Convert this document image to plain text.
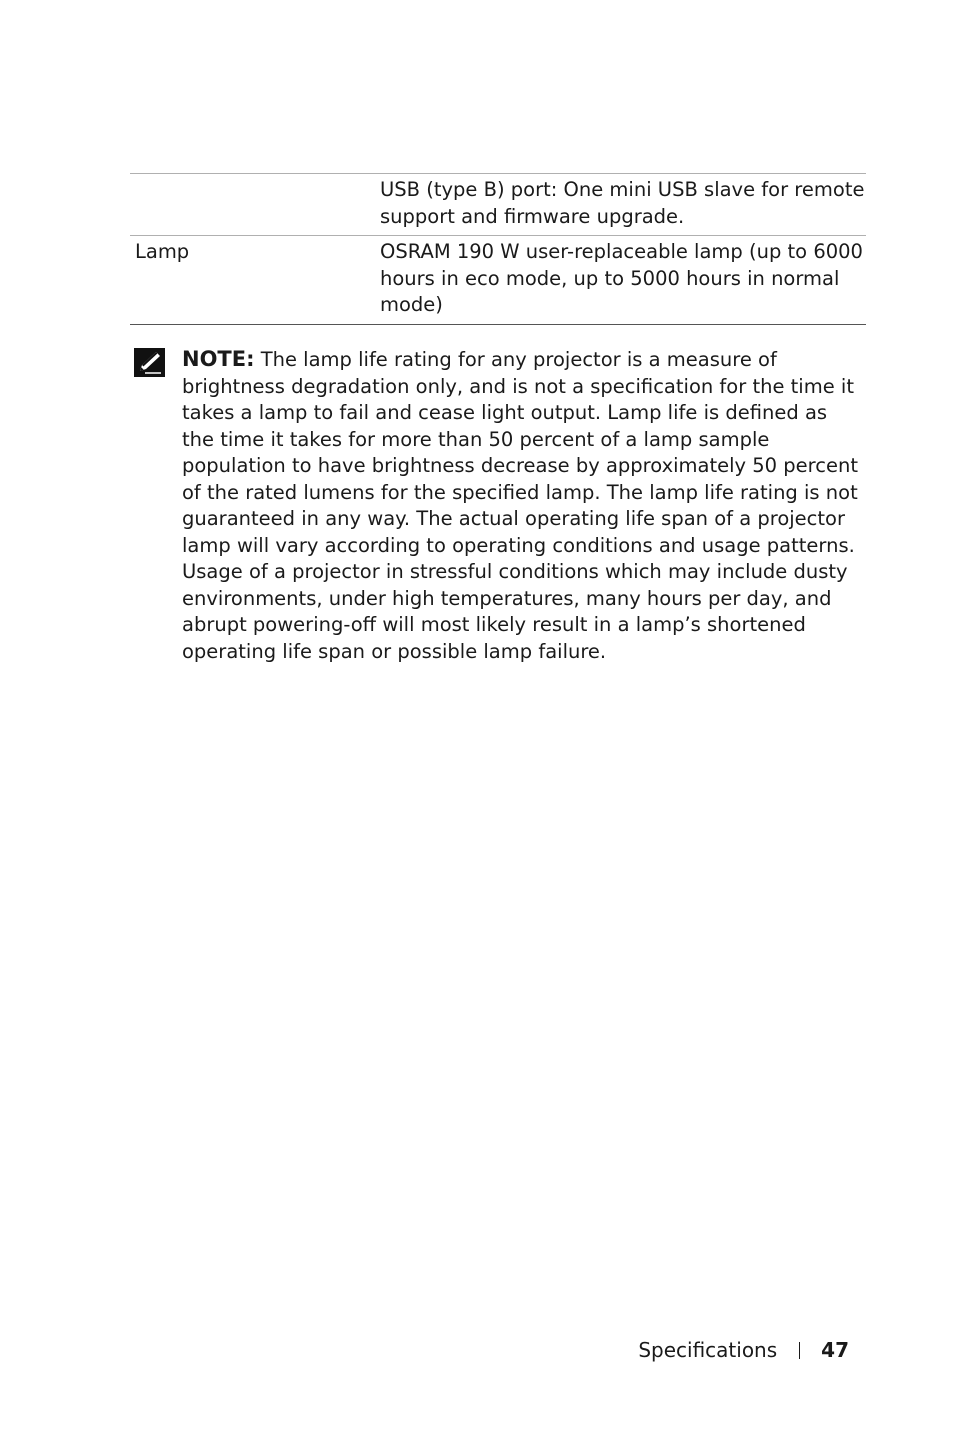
	USB (type B) port: One mini USB slave for remote support and firmware upgrade.
Lamp	OSRAM 190 W user-replaceable lamp (up to 6000 hours in eco mode, up to 5000 hours in normal mode)
NOTE: The lamp life rating for any projector is a measure of brightness degradation only, and is not a specification for the time it takes a lamp to fail and cease light output. Lamp life is defined as the time it takes for more than 50 percent of a lamp sample population to have brightness decrease by approximately 50 percent of the rated lumens for the specified lamp. The lamp life rating is not guaranteed in any way. The actual operating life span of a projector lamp will vary according to operating conditions and usage patterns. Usage of a projector in stressful conditions which may include dusty environments, under high temperatures, many hours per day, and abrupt powering-off will most likely result in a lamp’s shortened operating life span or possible lamp failure.
Specifications 47
